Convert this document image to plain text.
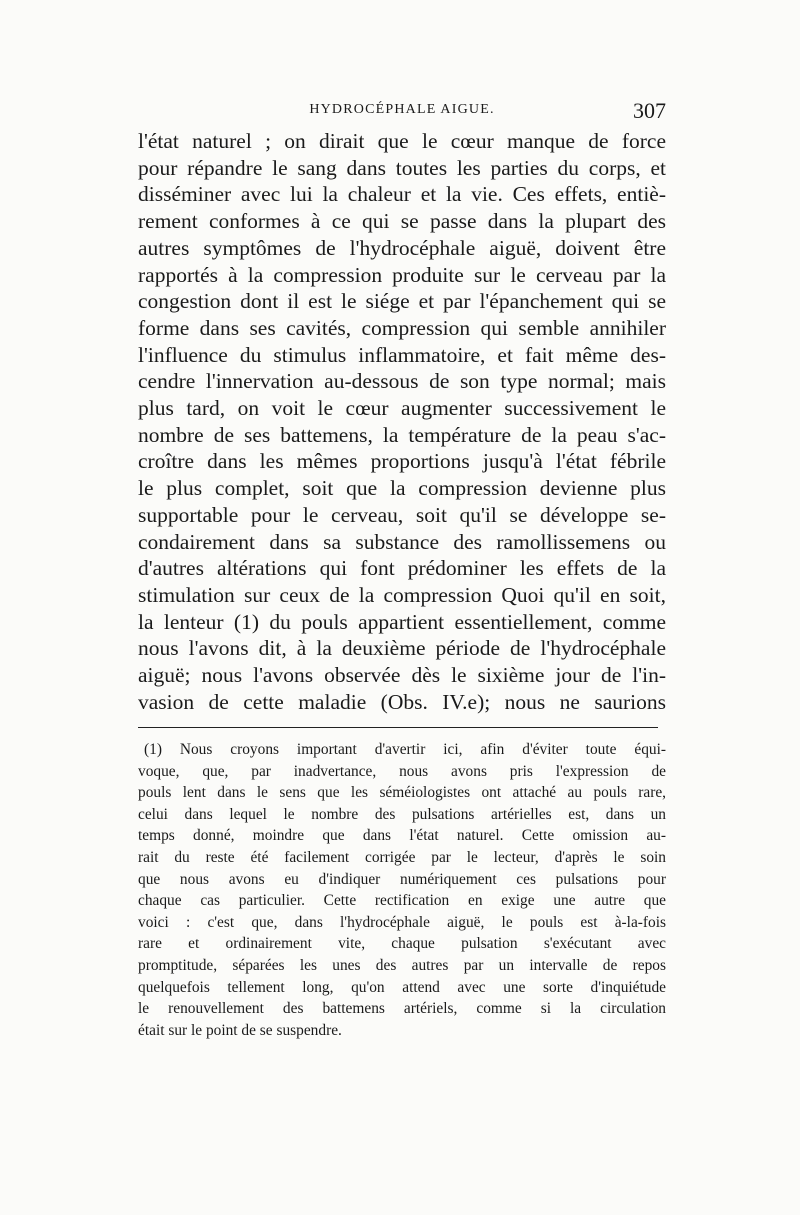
HYDROCÉPHALE AIGUE.	307
l'état naturel ; on dirait que le cœur manque de force
pour répandre le sang dans toutes les parties du corps, et
disséminer avec lui la chaleur et la vie. Ces effets, entiè-
rement conformes à ce qui se passe dans la plupart des
autres symptômes de l'hydrocéphale aiguë, doivent être
rapportés à la compression produite sur le cerveau par la
congestion dont il est le siége et par l'épanchement qui se
forme dans ses cavités, compression qui semble annihiler
l'influence du stimulus inflammatoire, et fait même des-
cendre l'innervation au-dessous de son type normal; mais
plus tard, on voit le cœur augmenter successivement le
nombre de ses battemens, la température de la peau s'ac-
croître dans les mêmes proportions jusqu'à l'état fébrile
le plus complet, soit que la compression devienne plus
supportable pour le cerveau, soit qu'il se développe se-
condairement dans sa substance des ramollissemens ou
d'autres altérations qui font prédominer les effets de la
stimulation sur ceux de la compression Quoi qu'il en soit,
la lenteur (1) du pouls appartient essentiellement, comme
nous l'avons dit, à la deuxième période de l'hydrocéphale
aiguë; nous l'avons observée dès le sixième jour de l'in-
vasion de cette maladie (Obs. IV.e); nous ne saurions
(1) Nous croyons important d'avertir ici, afin d'éviter toute équi-
voque, que, par inadvertance, nous avons pris l'expression de
pouls lent dans le sens que les séméiologistes ont attaché au pouls rare,
celui dans lequel le nombre des pulsations artérielles est, dans un
temps donné, moindre que dans l'état naturel. Cette omission au-
rait du reste été facilement corrigée par le lecteur, d'après le soin
que nous avons eu d'indiquer numériquement ces pulsations pour
chaque cas particulier. Cette rectification en exige une autre que
voici : c'est que, dans l'hydrocéphale aiguë, le pouls est à-la-fois
rare et ordinairement vite, chaque pulsation s'exécutant avec
promptitude, séparées les unes des autres par un intervalle de repos
quelquefois tellement long, qu'on attend avec une sorte d'inquiétude
le renouvellement des battemens artériels, comme si la circulation
était sur le point de se suspendre.
